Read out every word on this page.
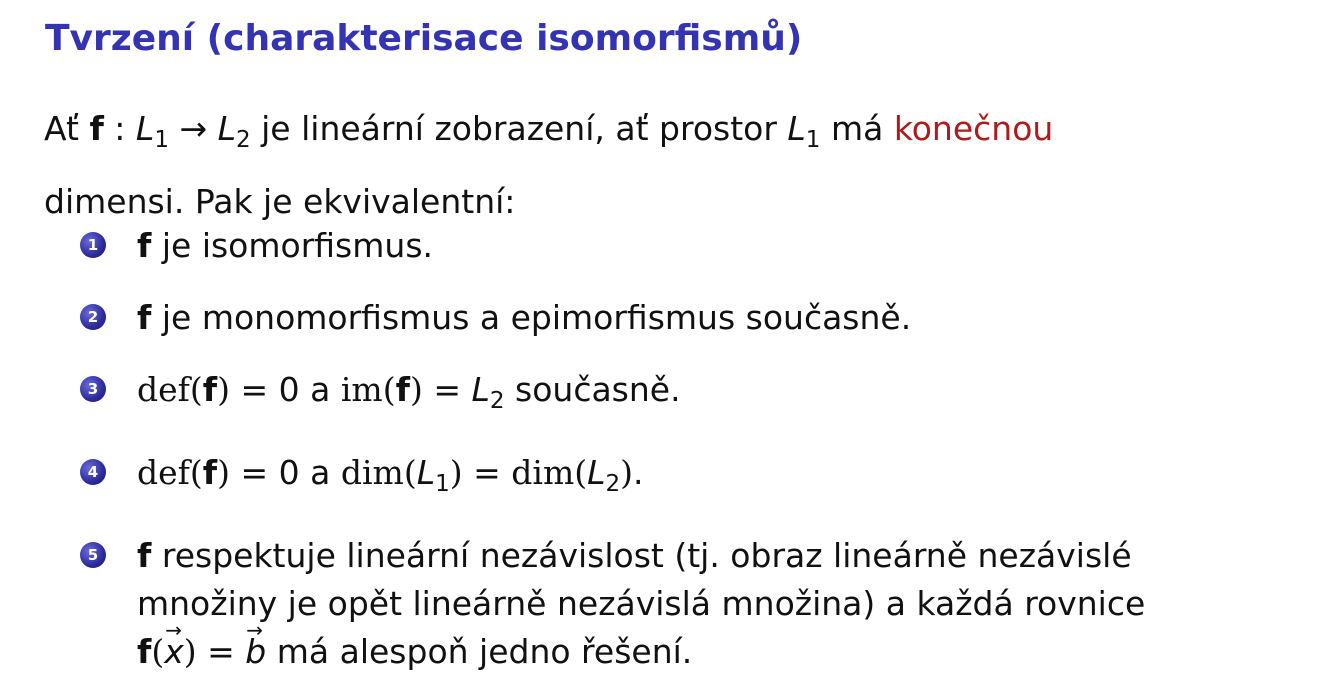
Tvrzení (charakterisace isomorfismů)
Ať f : $L_1 \to L_2$ je lineární zobrazení, ať prostor $L_1$ má konečnou
dimensi. Pak je ekvivalentní:
1 f je isomorfismus.
2 f je monomorfismus a epimorfismus současně.
3 def(f) = 0 a $im(f) = L_2$ současně.
4 def(f) = 0 a $dim(L_1) = dim(L_2)$.
5 f respektuje lineární nezávislost (tj. obraz lineárně nezávislé
množiny je opět lineárně nezávislá množina) a každá rovnice
f(→ x) = → b má alespoň jedno řešení.
